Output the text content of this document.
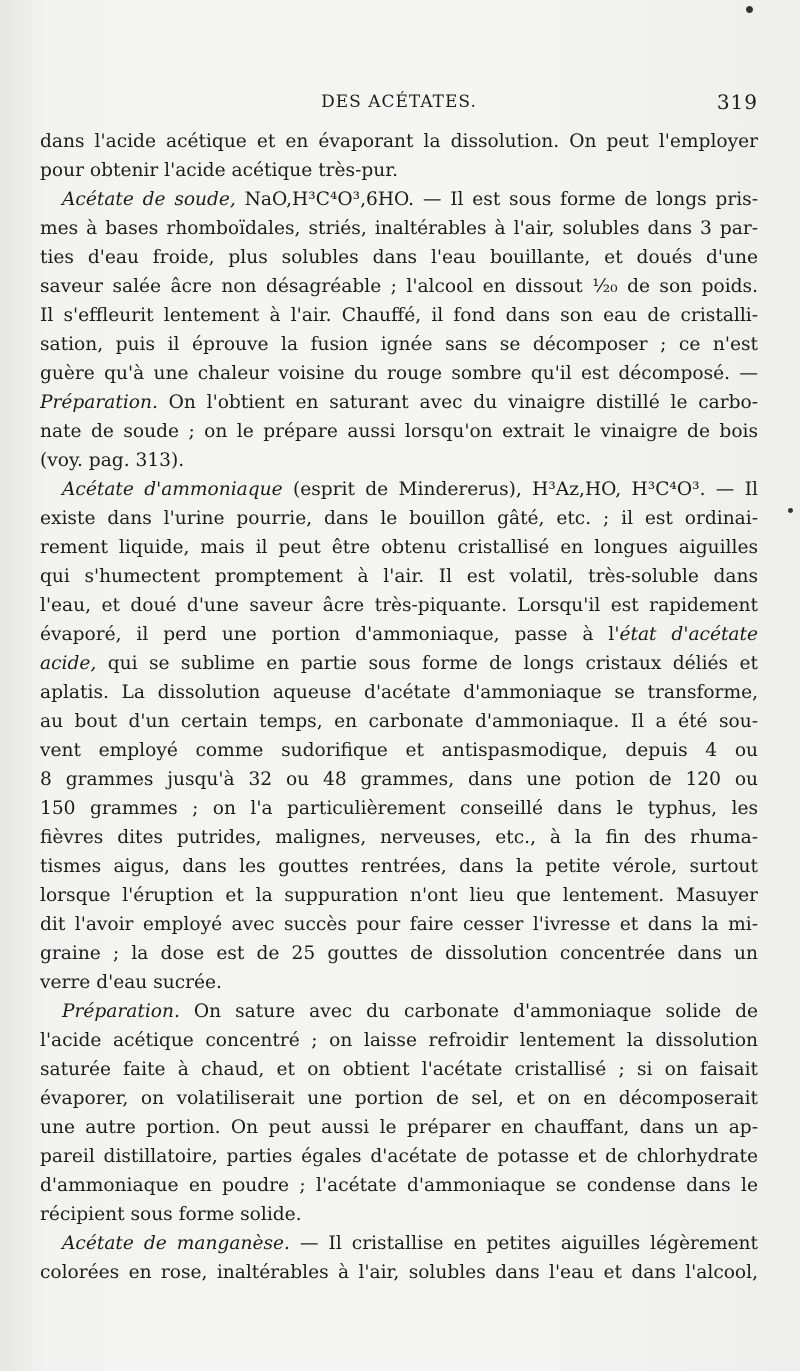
DES ACÉTATES.	319
dans l'acide acétique et en évaporant la dissolution. On peut l'employer
pour obtenir l'acide acétique très-pur.
Acétate de soude, NaO,H³C⁴O³,6HO. — Il est sous forme de longs pris-
mes à bases rhomboïdales, striés, inaltérables à l'air, solubles dans 3 par-
ties d'eau froide, plus solubles dans l'eau bouillante, et doués d'une
saveur salée âcre non désagréable ; l'alcool en dissout ¹⁄₂₀ de son poids.
Il s'effleurit lentement à l'air. Chauffé, il fond dans son eau de cristalli-
sation, puis il éprouve la fusion ignée sans se décomposer ; ce n'est
guère qu'à une chaleur voisine du rouge sombre qu'il est décomposé. —
Préparation. On l'obtient en saturant avec du vinaigre distillé le carbo-
nate de soude ; on le prépare aussi lorsqu'on extrait le vinaigre de bois
(voy. pag. 313).
Acétate d'ammoniaque (esprit de Mindererus), H³Az,HO, H³C⁴O³. — Il
existe dans l'urine pourrie, dans le bouillon gâté, etc. ; il est ordinai-
rement liquide, mais il peut être obtenu cristallisé en longues aiguilles
qui s'humectent promptement à l'air. Il est volatil, très-soluble dans
l'eau, et doué d'une saveur âcre très-piquante. Lorsqu'il est rapidement
évaporé, il perd une portion d'ammoniaque, passe à l'état d'acétate
acide, qui se sublime en partie sous forme de longs cristaux déliés et
aplatis. La dissolution aqueuse d'acétate d'ammoniaque se transforme,
au bout d'un certain temps, en carbonate d'ammoniaque. Il a été sou-
vent employé comme sudorifique et antispasmodique, depuis 4 ou
8 grammes jusqu'à 32 ou 48 grammes, dans une potion de 120 ou
150 grammes ; on l'a particulièrement conseillé dans le typhus, les
fièvres dites putrides, malignes, nerveuses, etc., à la fin des rhuma-
tismes aigus, dans les gouttes rentrées, dans la petite vérole, surtout
lorsque l'éruption et la suppuration n'ont lieu que lentement. Masuyer
dit l'avoir employé avec succès pour faire cesser l'ivresse et dans la mi-
graine ; la dose est de 25 gouttes de dissolution concentrée dans un
verre d'eau sucrée.
Préparation. On sature avec du carbonate d'ammoniaque solide de
l'acide acétique concentré ; on laisse refroidir lentement la dissolution
saturée faite à chaud, et on obtient l'acétate cristallisé ; si on faisait
évaporer, on volatiliserait une portion de sel, et on en décomposerait
une autre portion. On peut aussi le préparer en chauffant, dans un ap-
pareil distillatoire, parties égales d'acétate de potasse et de chlorhydrate
d'ammoniaque en poudre ; l'acétate d'ammoniaque se condense dans le
récipient sous forme solide.
Acétate de manganèse. — Il cristallise en petites aiguilles légèrement
colorées en rose, inaltérables à l'air, solubles dans l'eau et dans l'alcool,
